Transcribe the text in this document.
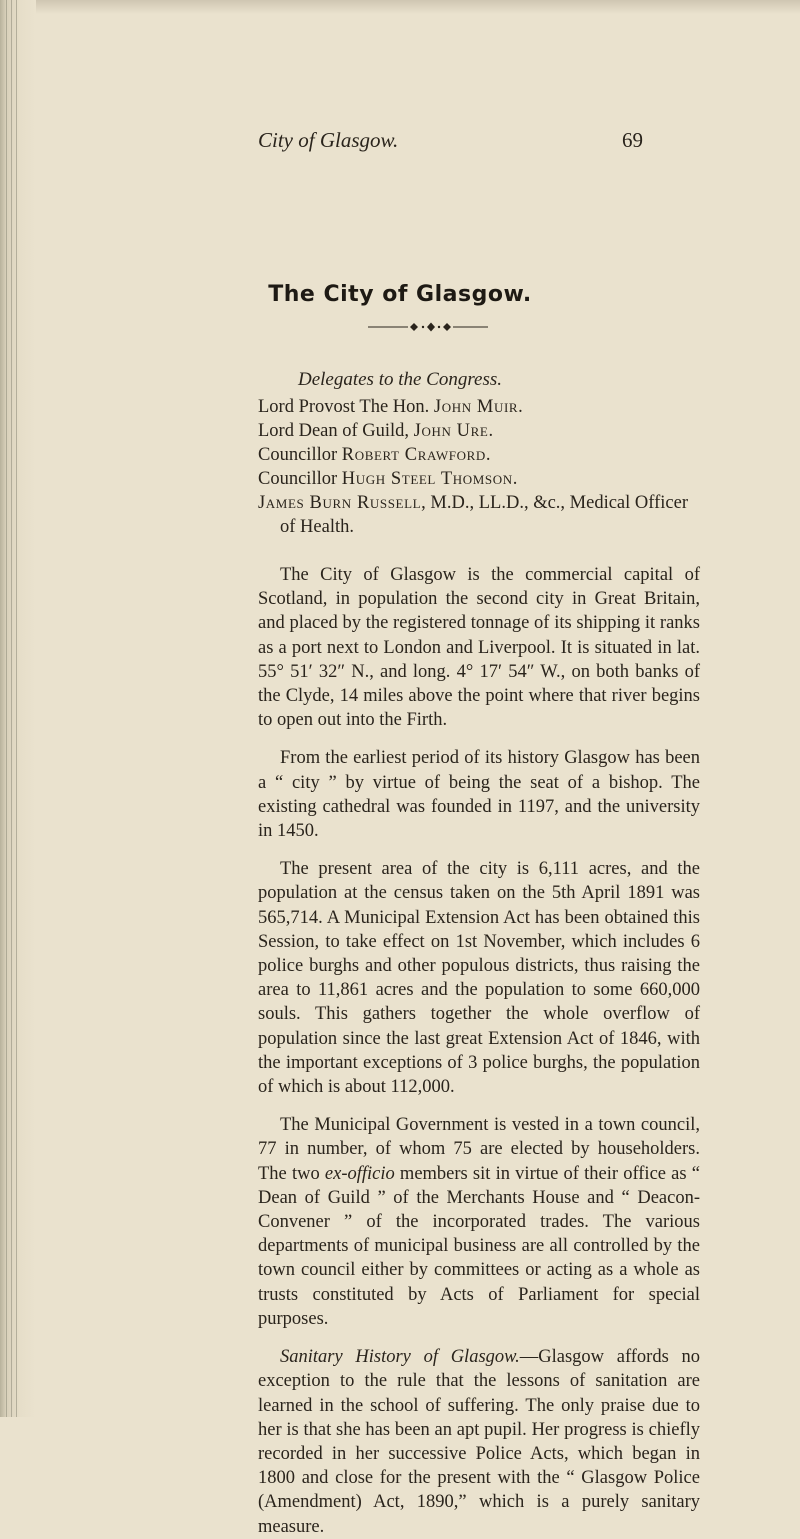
City of Glasgow.	69
The City of Glasgow.
Delegates to the Congress.

Lord Provost The Hon. John Muir.

Lord Dean of Guild, John Ure.

Councillor Robert Crawford.

Councillor Hugh Steel Thomson.

James Burn Russell, M.D., LL.D., &c., Medical Officer of Health.

The City of Glasgow is the commercial capital of Scotland, in population the second city in Great Britain, and placed by the registered tonnage of its shipping it ranks as a port next to London and Liverpool. It is situated in lat. 55° 51′ 32″ N., and long. 4° 17′ 54″ W., on both banks of the Clyde, 14 miles above the point where that river begins to open out into the Firth.

From the earliest period of its history Glasgow has been a “ city ” by virtue of being the seat of a bishop. The existing cathedral was founded in 1197, and the university in 1450.

The present area of the city is 6,111 acres, and the population at the census taken on the 5th April 1891 was 565,714. A Municipal Extension Act has been obtained this Session, to take effect on 1st November, which includes 6 police burghs and other populous districts, thus raising the area to 11,861 acres and the population to some 660,000 souls. This gathers together the whole overflow of population since the last great Extension Act of 1846, with the important exceptions of 3 police burghs, the population of which is about 112,000.

The Municipal Government is vested in a town council, 77 in number, of whom 75 are elected by householders. The two ex-officio members sit in virtue of their office as “ Dean of Guild ” of the Merchants House and “ Deacon-Convener ” of the incorporated trades. The various departments of municipal business are all controlled by the town council either by committees or acting as a whole as trusts constituted by Acts of Parliament for special purposes.

Sanitary History of Glasgow.—Glasgow affords no exception to the rule that the lessons of sanitation are learned in the school of suffering. The only praise due to her is that she has been an apt pupil. Her progress is chiefly recorded in her successive Police Acts, which began in 1800 and close for the present with the “ Glasgow Police (Amendment) Act, 1890,” which is a purely sanitary measure.
